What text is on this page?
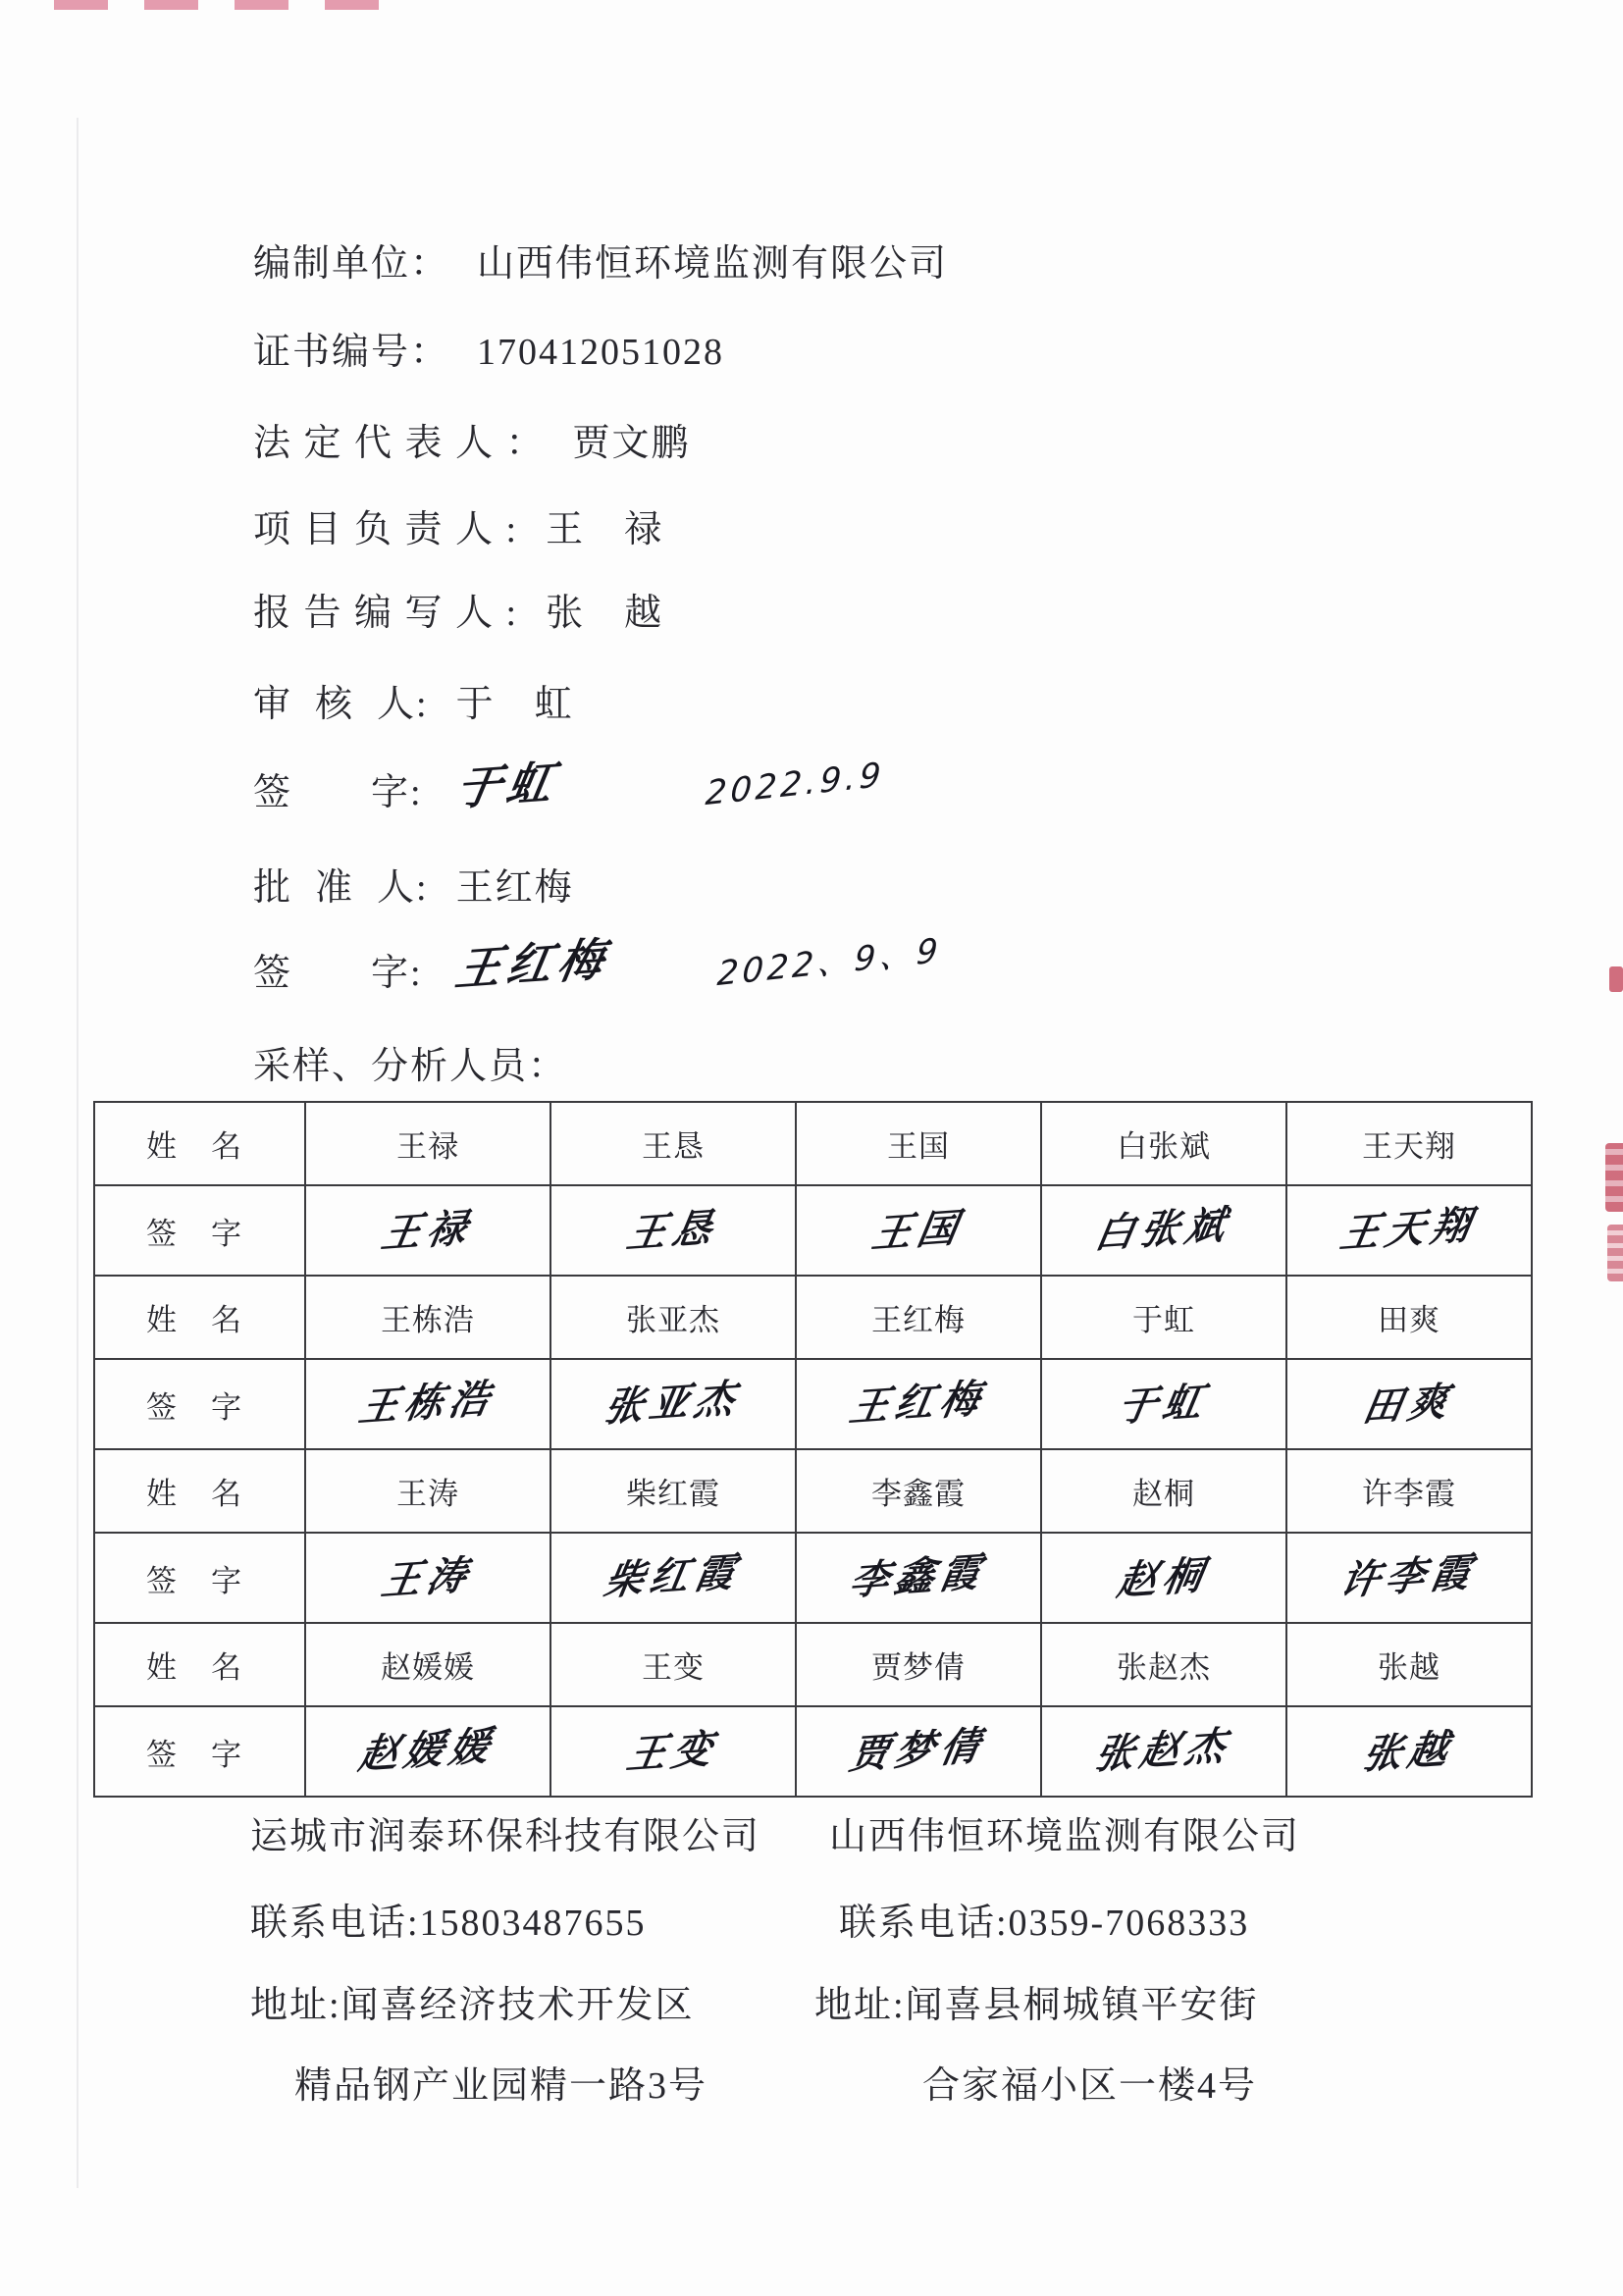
编制单位： 山西伟恒环境监测有限公司
证书编号： 170412051028
法 定 代 表 人 ： 贾文鹏
项 目 负 责 人 : 王　禄
报 告 编 写 人 : 张　越
审  核  人: 于　虹
签　　字: 于虹	2022.9.9
批  准  人: 王红梅
签　　字: 王红梅	2022、9、9
采样、分析人员：
姓　名	王禄	王恳	王国	白张斌	王天翔
签　字	王禄	王恳	王国	白张斌	王天翔
姓　名	王栋浩	张亚杰	王红梅	于虹	田爽
签　字	王栋浩	张亚杰	王红梅	于虹	田爽
姓　名	王涛	柴红霞	李鑫霞	赵桐	许李霞
签　字	王涛	柴红霞	李鑫霞	赵桐	许李霞
姓　名	赵媛媛	王变	贾梦倩	张赵杰	张越
签　字	赵媛媛	王变	贾梦倩	张赵杰	张越
运城市润泰环保科技有限公司 山西伟恒环境监测有限公司
联系电话:15803487655	联系电话:0359-7068333
地址:闻喜经济技术开发区	地址:闻喜县桐城镇平安街
精品钢产业园精一路3号	合家福小区一楼4号
